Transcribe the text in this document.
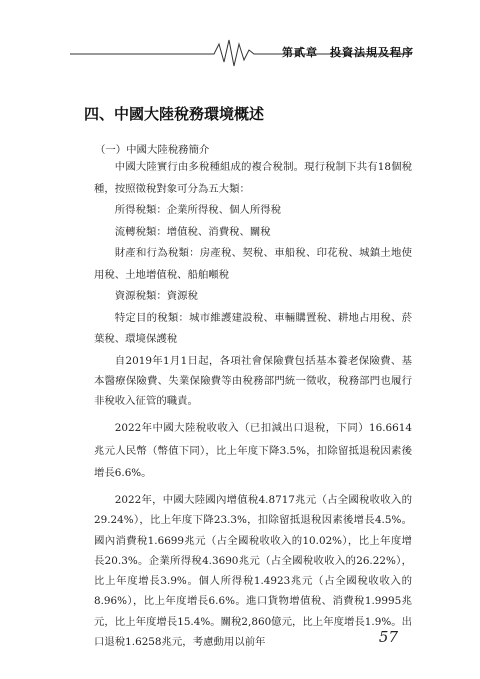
第貳章　投資法規及程序
四、中國大陸稅務環境概述
（一）中國大陸稅務簡介

中國大陸實行由多稅種組成的複合稅制。現行稅制下共有18個稅種，按照徵稅對象可分為五大類：

所得稅類：企業所得稅、個人所得稅

流轉稅類：增值稅、消費稅、關稅

財產和行為稅類：房產稅、契稅、車船稅、印花稅、城鎮土地使用稅、土地增值稅、船舶噸稅

資源稅類：資源稅

特定目的稅類：城市維護建設稅、車輛購置稅、耕地占用稅、菸葉稅、環境保護稅

自2019年1月1日起，各項社會保險費包括基本養老保險費、基本醫療保險費、失業保險費等由稅務部門統一徵收，稅務部門也履行非稅收入征管的職責。

2022年中國大陸稅收收入（已扣減出口退稅，下同）16.6614兆元人民幣（幣值下同），比上年度下降3.5%，扣除留抵退稅因素後增長6.6%。

2022年，中國大陸國內增值稅4.8717兆元（占全國稅收收入的29.24%），比上年度下降23.3%，扣除留抵退稅因素後增長4.5%。國內消費稅1.6699兆元（占全國稅收收入的10.02%），比上年度增長20.3%。企業所得稅4.3690兆元（占全國稅收收入的26.22%），比上年度增長3.9%。個人所得稅1.4923兆元（占全國稅收收入的8.96%），比上年度增長6.6%。進口貨物增值稅、消費稅1.9995兆元，比上年度增長15.4%。關稅2,860億元，比上年度增長1.9%。出口退稅1.6258兆元，考慮動用以前年	57
